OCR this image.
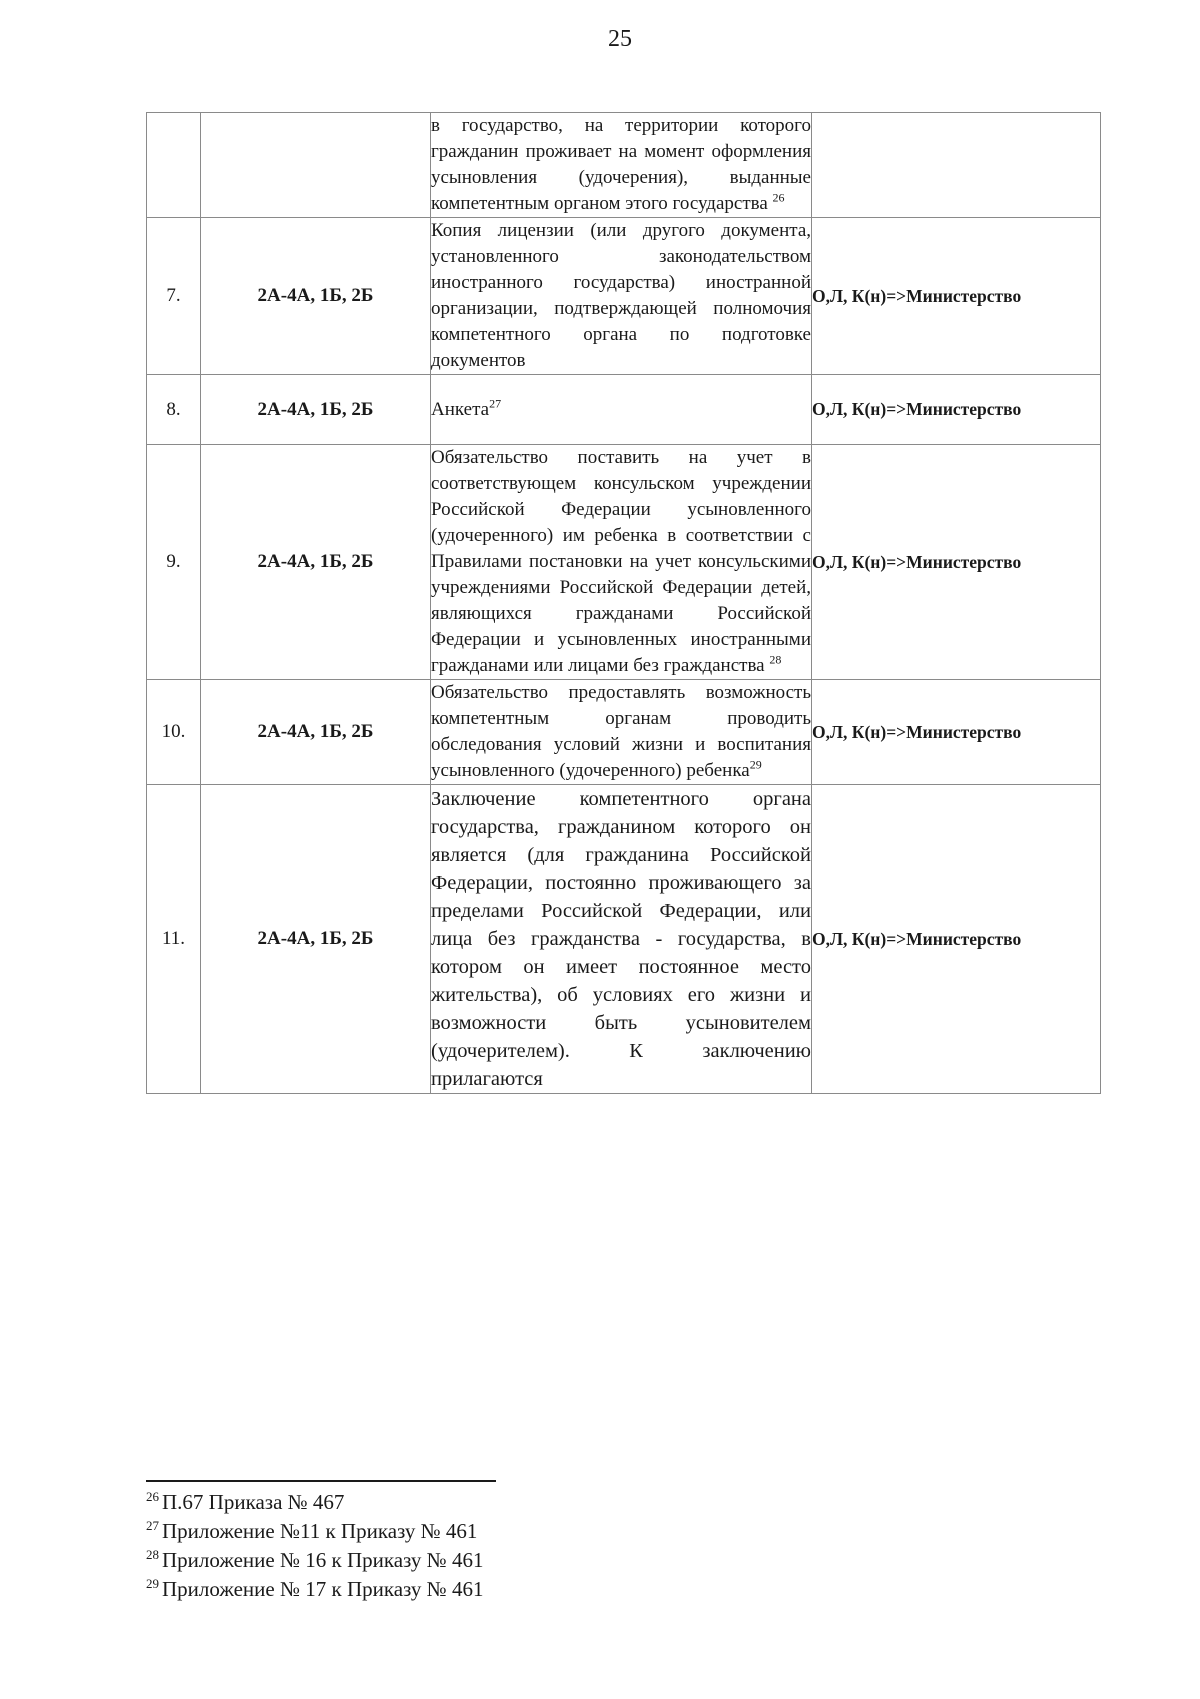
25
		в государство, на территории которого гражданин проживает на момент оформления усыновления (удочерения), выданные компетентным органом этого государства $^{26}$	
7.	2А-4А, 1Б, 2Б	Копия лицензии (или другого документа, установленного законодательством иностранного государства) иностранной организации, подтверждающей полномочия компетентного органа по подготовке документов	О,Л, К(н)=>Министерство
8.	2А-4А, 1Б, 2Б	Анкета$^{27}$	О,Л, К(н)=>Министерство
9.	2А-4А, 1Б, 2Б	Обязательство поставить на учет в соответствующем консульском учреждении Российской Федерации усыновленного (удочеренного) им ребенка в соответствии с Правилами постановки на учет консульскими учреждениями Российской Федерации детей, являющихся гражданами Российской Федерации и усыновленных иностранными гражданами или лицами без гражданства $^{28}$	О,Л, К(н)=>Министерство
10.	2А-4А, 1Б, 2Б	Обязательство предоставлять возможность компетентным органам проводить обследования условий жизни и воспитания усыновленного (удочеренного) ребенка$^{29}$	О,Л, К(н)=>Министерство
11.	2А-4А, 1Б, 2Б	Заключение компетентного органа государства, гражданином которого он является (для гражданина Российской Федерации, постоянно проживающего за пределами Российской Федерации, или лица без гражданства - государства, в котором он имеет постоянное место жительства), об условиях его жизни и возможности быть усыновителем (удочерителем). К заключению прилагаются	О,Л, К(н)=>Министерство
$^{26}$ П.67 Приказа № 467
$^{27}$ Приложение №11 к Приказу № 461
$^{28}$ Приложение № 16 к Приказу № 461
$^{29}$ Приложение № 17 к Приказу № 461
